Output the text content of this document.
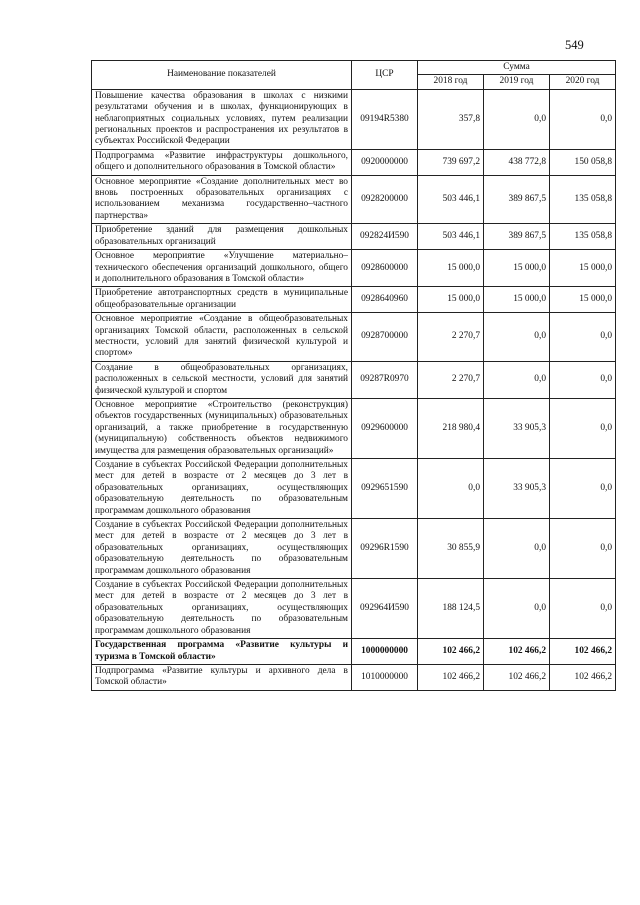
549
Наименование показателей	ЦСР	Сумма		
		2018 год	2019 год	2020 год
Повышение качества образования в школах с низкими результатами обучения и в школах, функционирующих в неблагоприятных социальных условиях, путем реализации региональных проектов и распространения их результатов в субъектах Российской Федерации	09194R5380	357,8	0,0	0,0
Подпрограмма «Развитие инфраструктуры дошкольного, общего и дополнительного образования в Томской области»	0920000000	739 697,2	438 772,8	150 058,8
Основное мероприятие «Создание дополнительных мест во вновь построенных образовательных организациях с использованием механизма государственно–частного партнерства»	0928200000	503 446,1	389 867,5	135 058,8
Приобретение зданий для размещения дошкольных образовательных организаций	092824И590	503 446,1	389 867,5	135 058,8
Основное мероприятие «Улучшение материально–технического обеспечения организаций дошкольного, общего и дополнительного образования в Томской области»	0928600000	15 000,0	15 000,0	15 000,0
Приобретение автотранспортных средств в муниципальные общеобразовательные организации	0928640960	15 000,0	15 000,0	15 000,0
Основное мероприятие «Создание в общеобразовательных организациях Томской области, расположенных в сельской местности, условий для занятий физической культурой и спортом»	0928700000	2 270,7	0,0	0,0
Создание в общеобразовательных организациях, расположенных в сельской местности, условий для занятий физической культурой и спортом	09287R0970	2 270,7	0,0	0,0
Основное мероприятие «Строительство (реконструкция) объектов государственных (муниципальных) образовательных организаций, а также приобретение в государственную (муниципальную) собственность объектов недвижимого имущества для размещения образовательных организаций»	0929600000	218 980,4	33 905,3	0,0
Создание в субъектах Российской Федерации дополнительных мест для детей в возрасте от 2 месяцев до 3 лет в образовательных организациях, осуществляющих образовательную деятельность по образовательным программам дошкольного образования	0929651590	0,0	33 905,3	0,0
Создание в субъектах Российской Федерации дополнительных мест для детей в возрасте от 2 месяцев до 3 лет в образовательных организациях, осуществляющих образовательную деятельность по образовательным программам дошкольного образования	09296R1590	30 855,9	0,0	0,0
Создание в субъектах Российской Федерации дополнительных мест для детей в возрасте от 2 месяцев до 3 лет в образовательных организациях, осуществляющих образовательную деятельность по образовательным программам дошкольного образования	092964И590	188 124,5	0,0	0,0
Государственная программа «Развитие культуры и туризма в Томской области»	1000000000	102 466,2	102 466,2	102 466,2
Подпрограмма «Развитие культуры и архивного дела в Томской области»	1010000000	102 466,2	102 466,2	102 466,2
